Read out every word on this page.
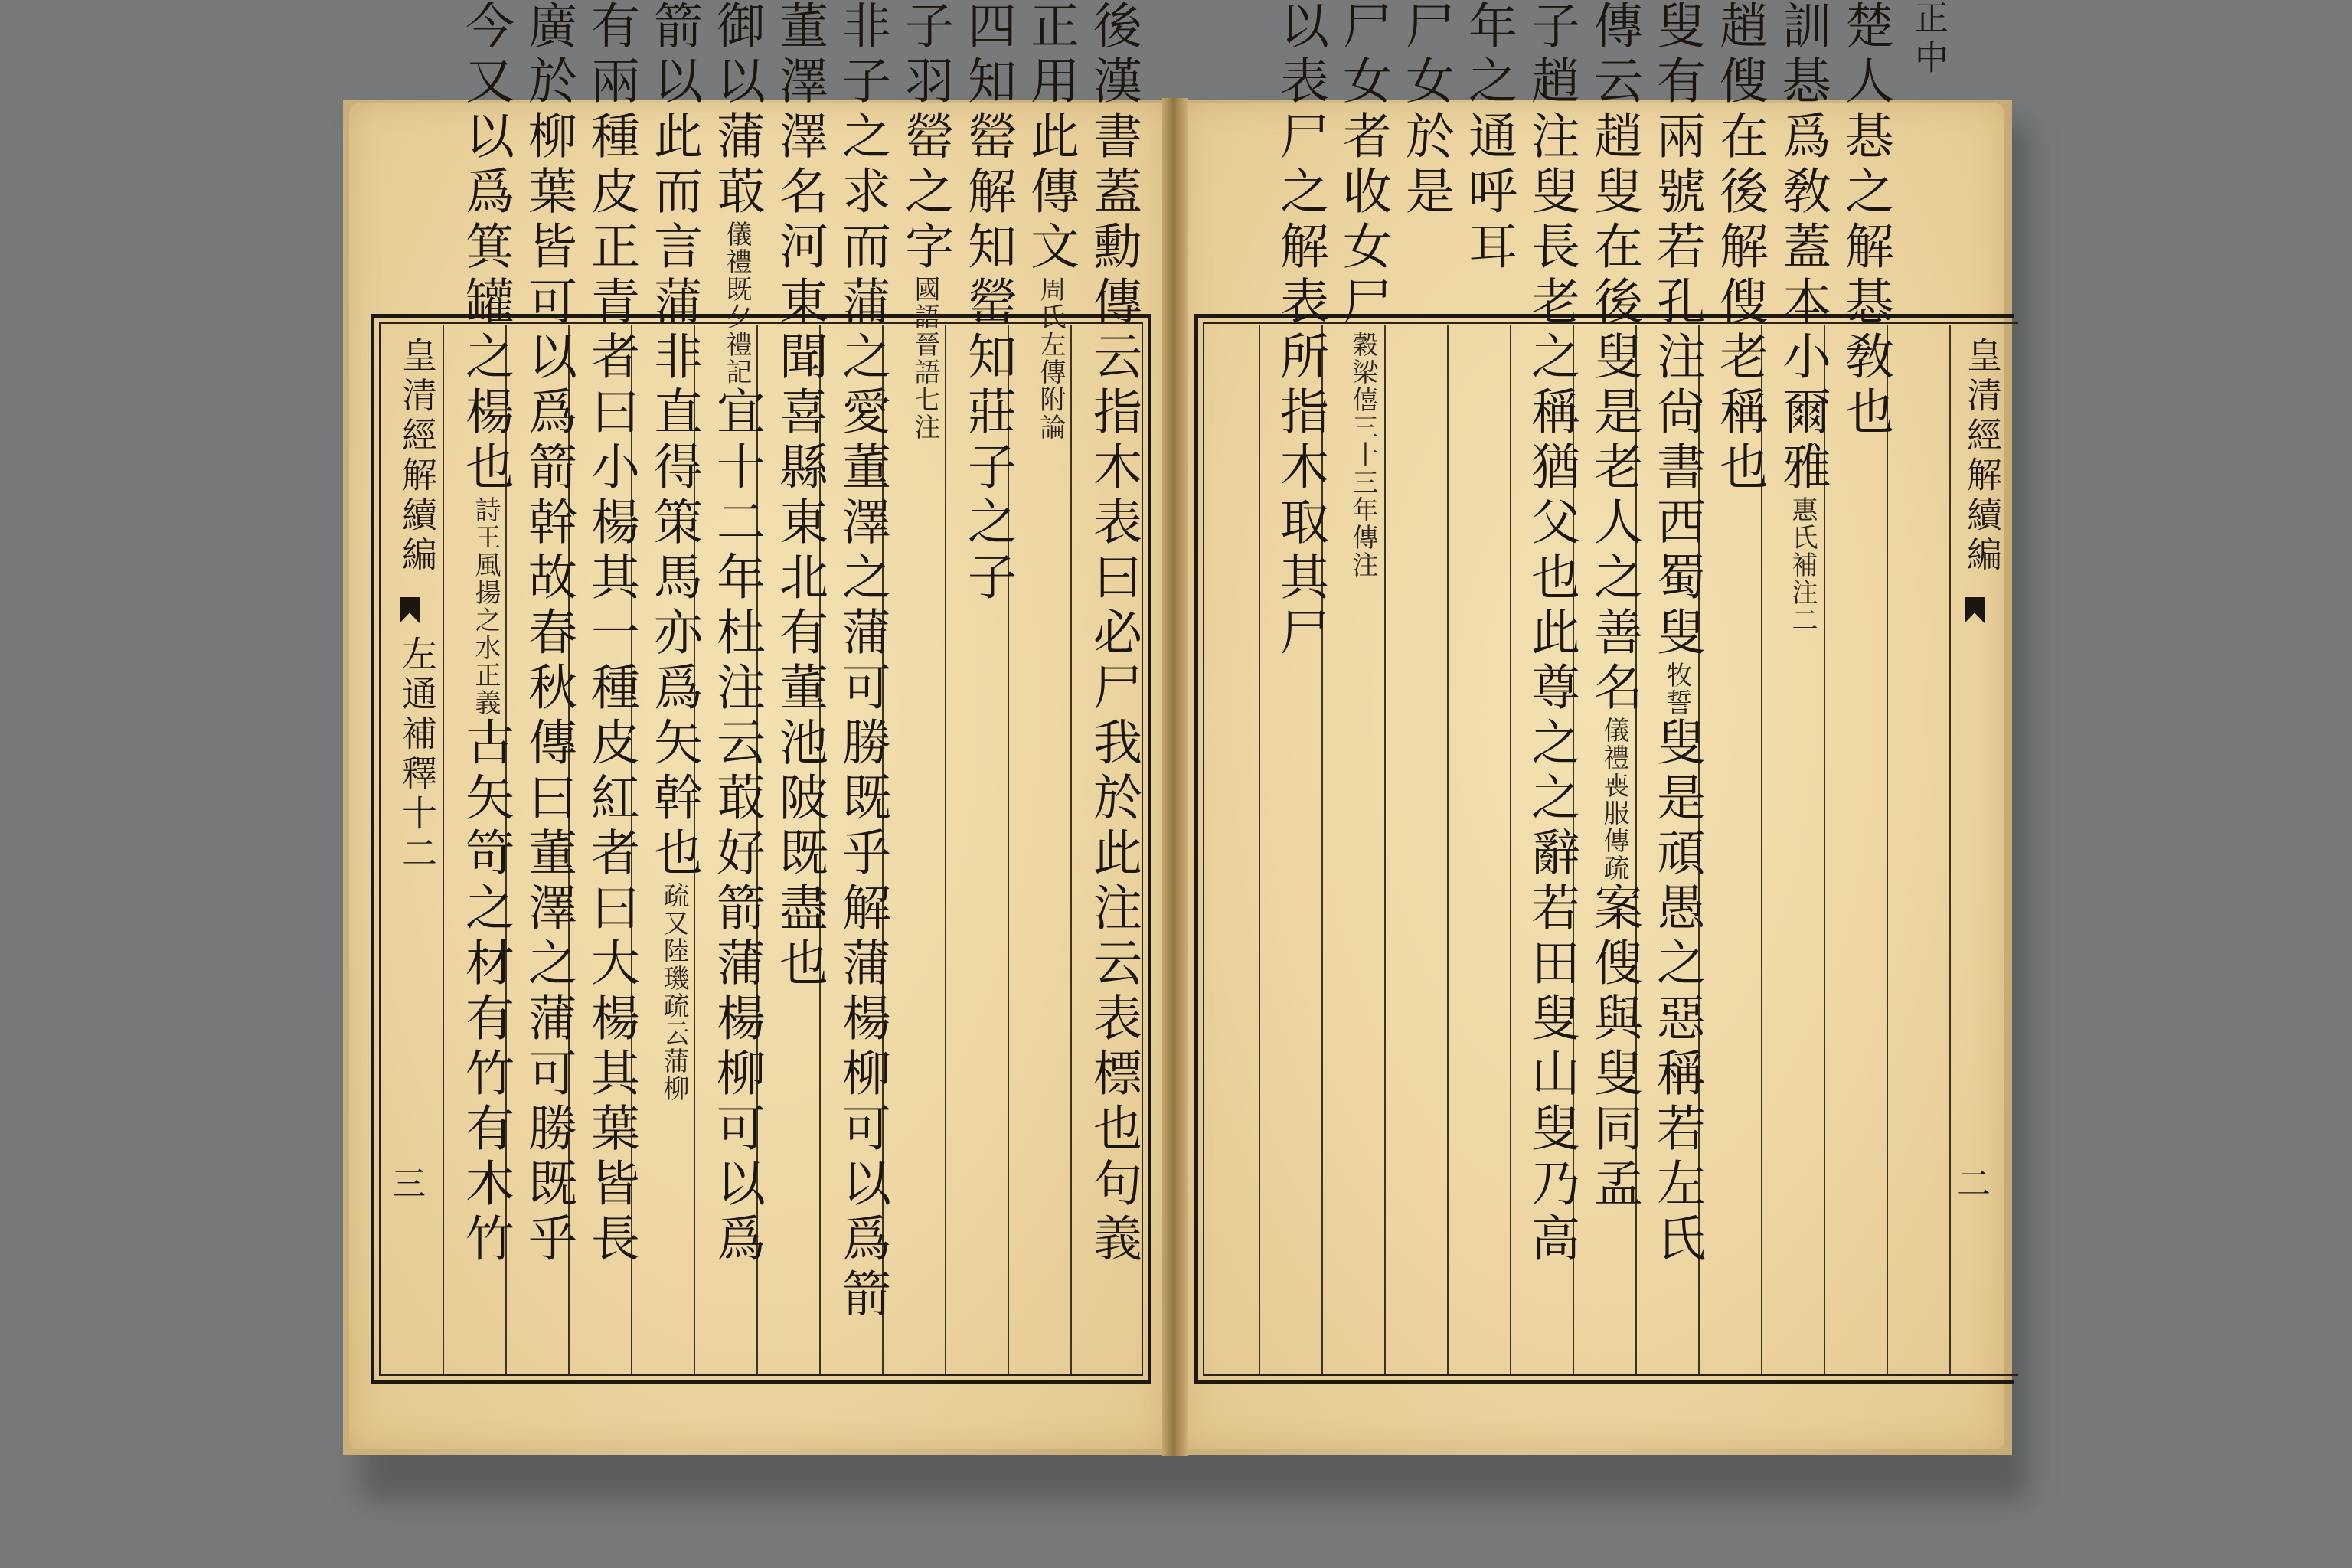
皇清經解續編
左通補釋十二
三	後漢書蓋勳傳云指木表曰必尸我於此注云表標也句義
正用此傳文周氏左傳附論
四知罃解知罃知莊子之子
子羽罃之字國語晉語七注
非子之求而蒲之愛董澤之蒲可勝既乎解蒲楊柳可以爲箭
董澤澤名河東聞喜縣東北有董池陂既盡也
御以蒲菆儀禮既夕禮記宜十二年杜注云菆好箭蒲楊柳可以爲
箭以此而言蒲非直得策馬亦爲矢幹也疏又陸璣疏云蒲柳
有兩種皮正青者曰小楊其一種皮紅者曰大楊其葉皆長
廣於柳葉皆可以爲箭幹故春秋傳曰董澤之蒲可勝既乎
今又以爲箕罐之楊也詩王風揚之水正義古矢笴之材有竹有木竹
皇清經解續編
二
正中
楚人惎之解惎敎也
訓惎爲敎蓋本小爾雅惠氏補注二
趙傁在後解傁老稱也
叟有兩號若孔注尙書西蜀叟牧誓叟是頑愚之惡稱若左氏
傳云趙叟在後叟是老人之善名儀禮喪服傳疏案傁與叟同孟
子趙注叟長老之稱猶父也此尊之之辭若田叟山叟乃高
年之通呼耳
尸女於是
尸女者收女尸穀梁僖三十三年傳注
以表尸之解表所指木取其尸
